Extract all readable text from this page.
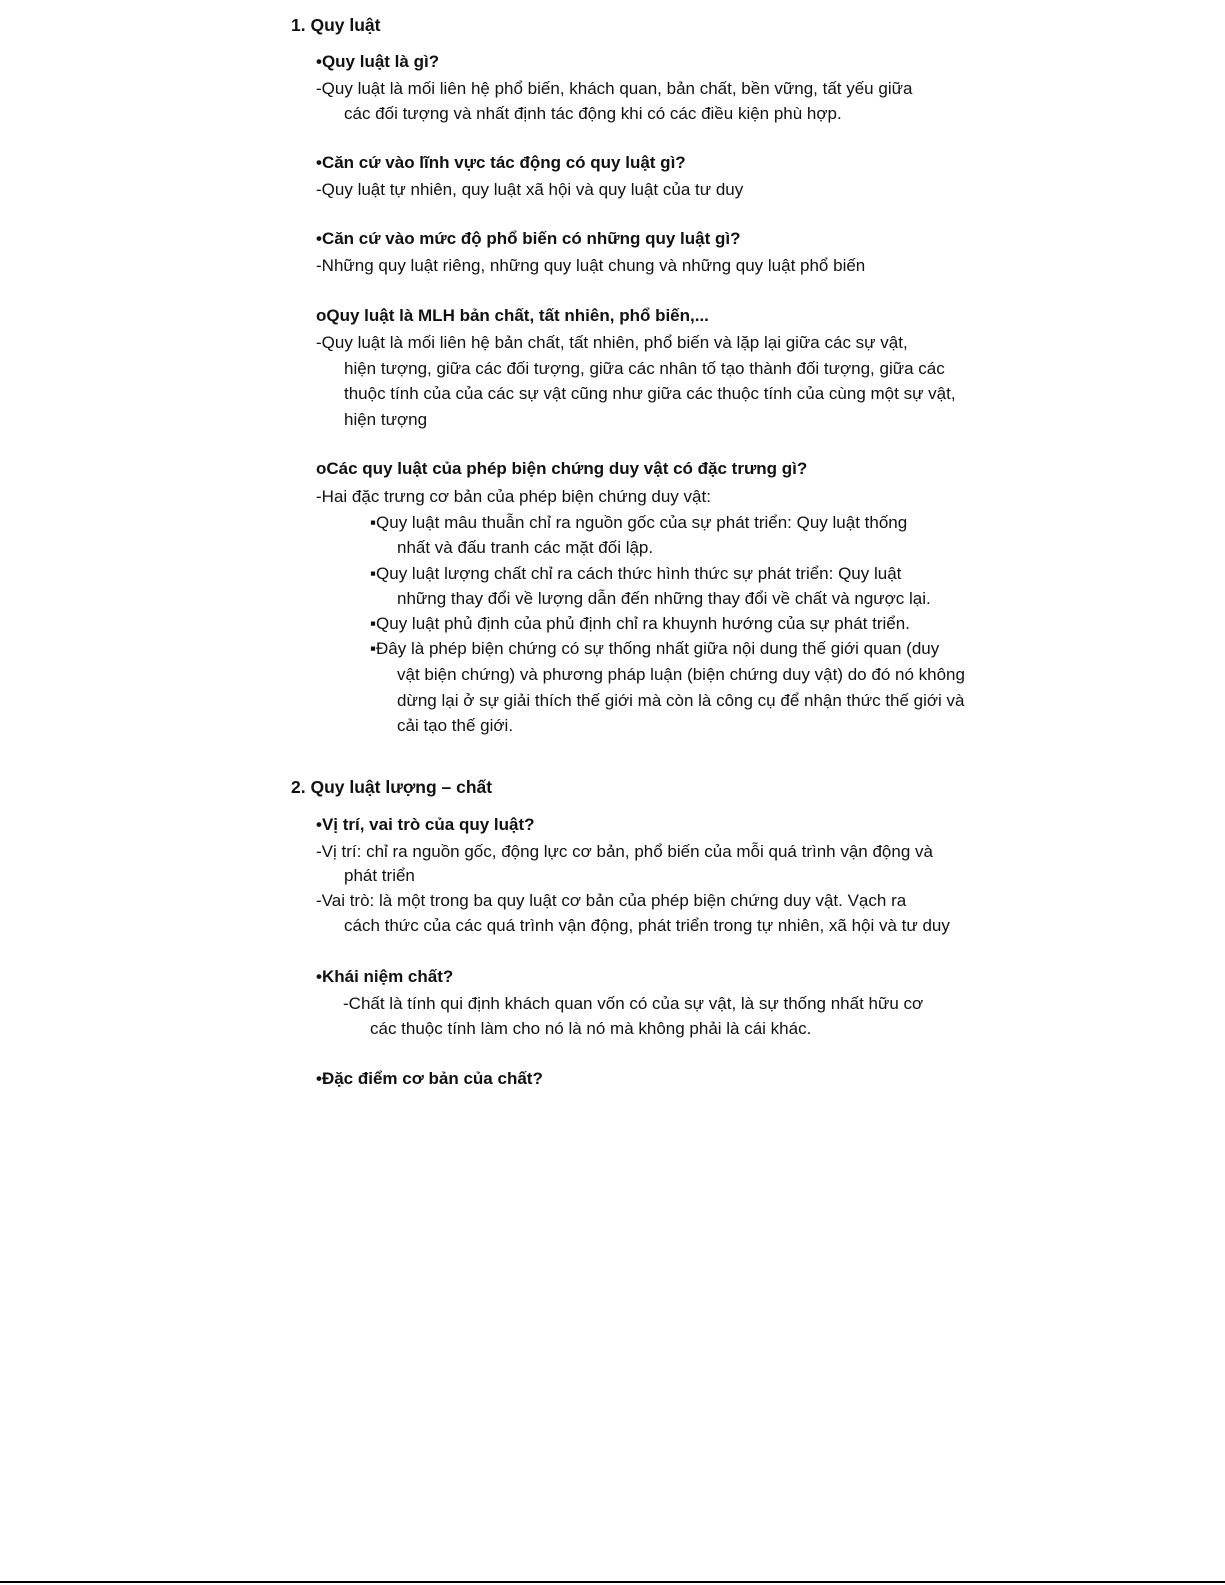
1. Quy luật
•Quy luật là gì?
-Quy luật là mối liên hệ phổ biến, khách quan, bản chất, bền vững, tất yếu giữa
các đối tượng và nhất định tác động khi có các điều kiện phù hợp.
•Căn cứ vào lĩnh vực tác động có quy luật gì?
-Quy luật tự nhiên, quy luật xã hội và quy luật của tư duy
•Căn cứ vào mức độ phổ biến có những quy luật gì?
-Những quy luật riêng, những quy luật chung và những quy luật phổ biến
oQuy luật là MLH bản chất, tất nhiên, phổ biến,...
-Quy luật là mối liên hệ bản chất, tất nhiên, phổ biến và lặp lại giữa các sự vật,
hiện tượng, giữa các đối tượng, giữa các nhân tố tạo thành đối tượng, giữa các
thuộc tính của của các sự vật cũng như giữa các thuộc tính của cùng một sự vật,
hiện tượng
oCác quy luật của phép biện chứng duy vật có đặc trưng gì?
-Hai đặc trưng cơ bản của phép biện chứng duy vật:
▪Quy luật mâu thuẫn chỉ ra nguồn gốc của sự phát triển: Quy luật thống
nhất và đấu tranh các mặt đối lập.
▪Quy luật lượng chất chỉ ra cách thức hình thức sự phát triển: Quy luật
những thay đổi về lượng dẫn đến những thay đổi về chất và ngược lại.
▪Quy luật phủ định của phủ định chỉ ra khuynh hướng của sự phát triển.
▪Đây là phép biện chứng có sự thống nhất giữa nội dung thế giới quan (duy
vật biện chứng) và phương pháp luận (biện chứng duy vật) do đó nó không
dừng lại ở sự giải thích thế giới mà còn là công cụ để nhận thức thế giới và
cải tạo thế giới.
2. Quy luật lượng – chất
•Vị trí, vai trò của quy luật?
-Vị trí: chỉ ra nguồn gốc, động lực cơ bản, phổ biến của mỗi quá trình vận động và
phát triển
-Vai trò: là một trong ba quy luật cơ bản của phép biện chứng duy vật. Vạch ra
cách thức của các quá trình vận động, phát triển trong tự nhiên, xã hội và tư duy
•Khái niệm chất?
-Chất là tính qui định khách quan vốn có của sự vật, là sự thống nhất hữu cơ
các thuộc tính làm cho nó là nó mà không phải là cái khác.
•Đặc điểm cơ bản của chất?
